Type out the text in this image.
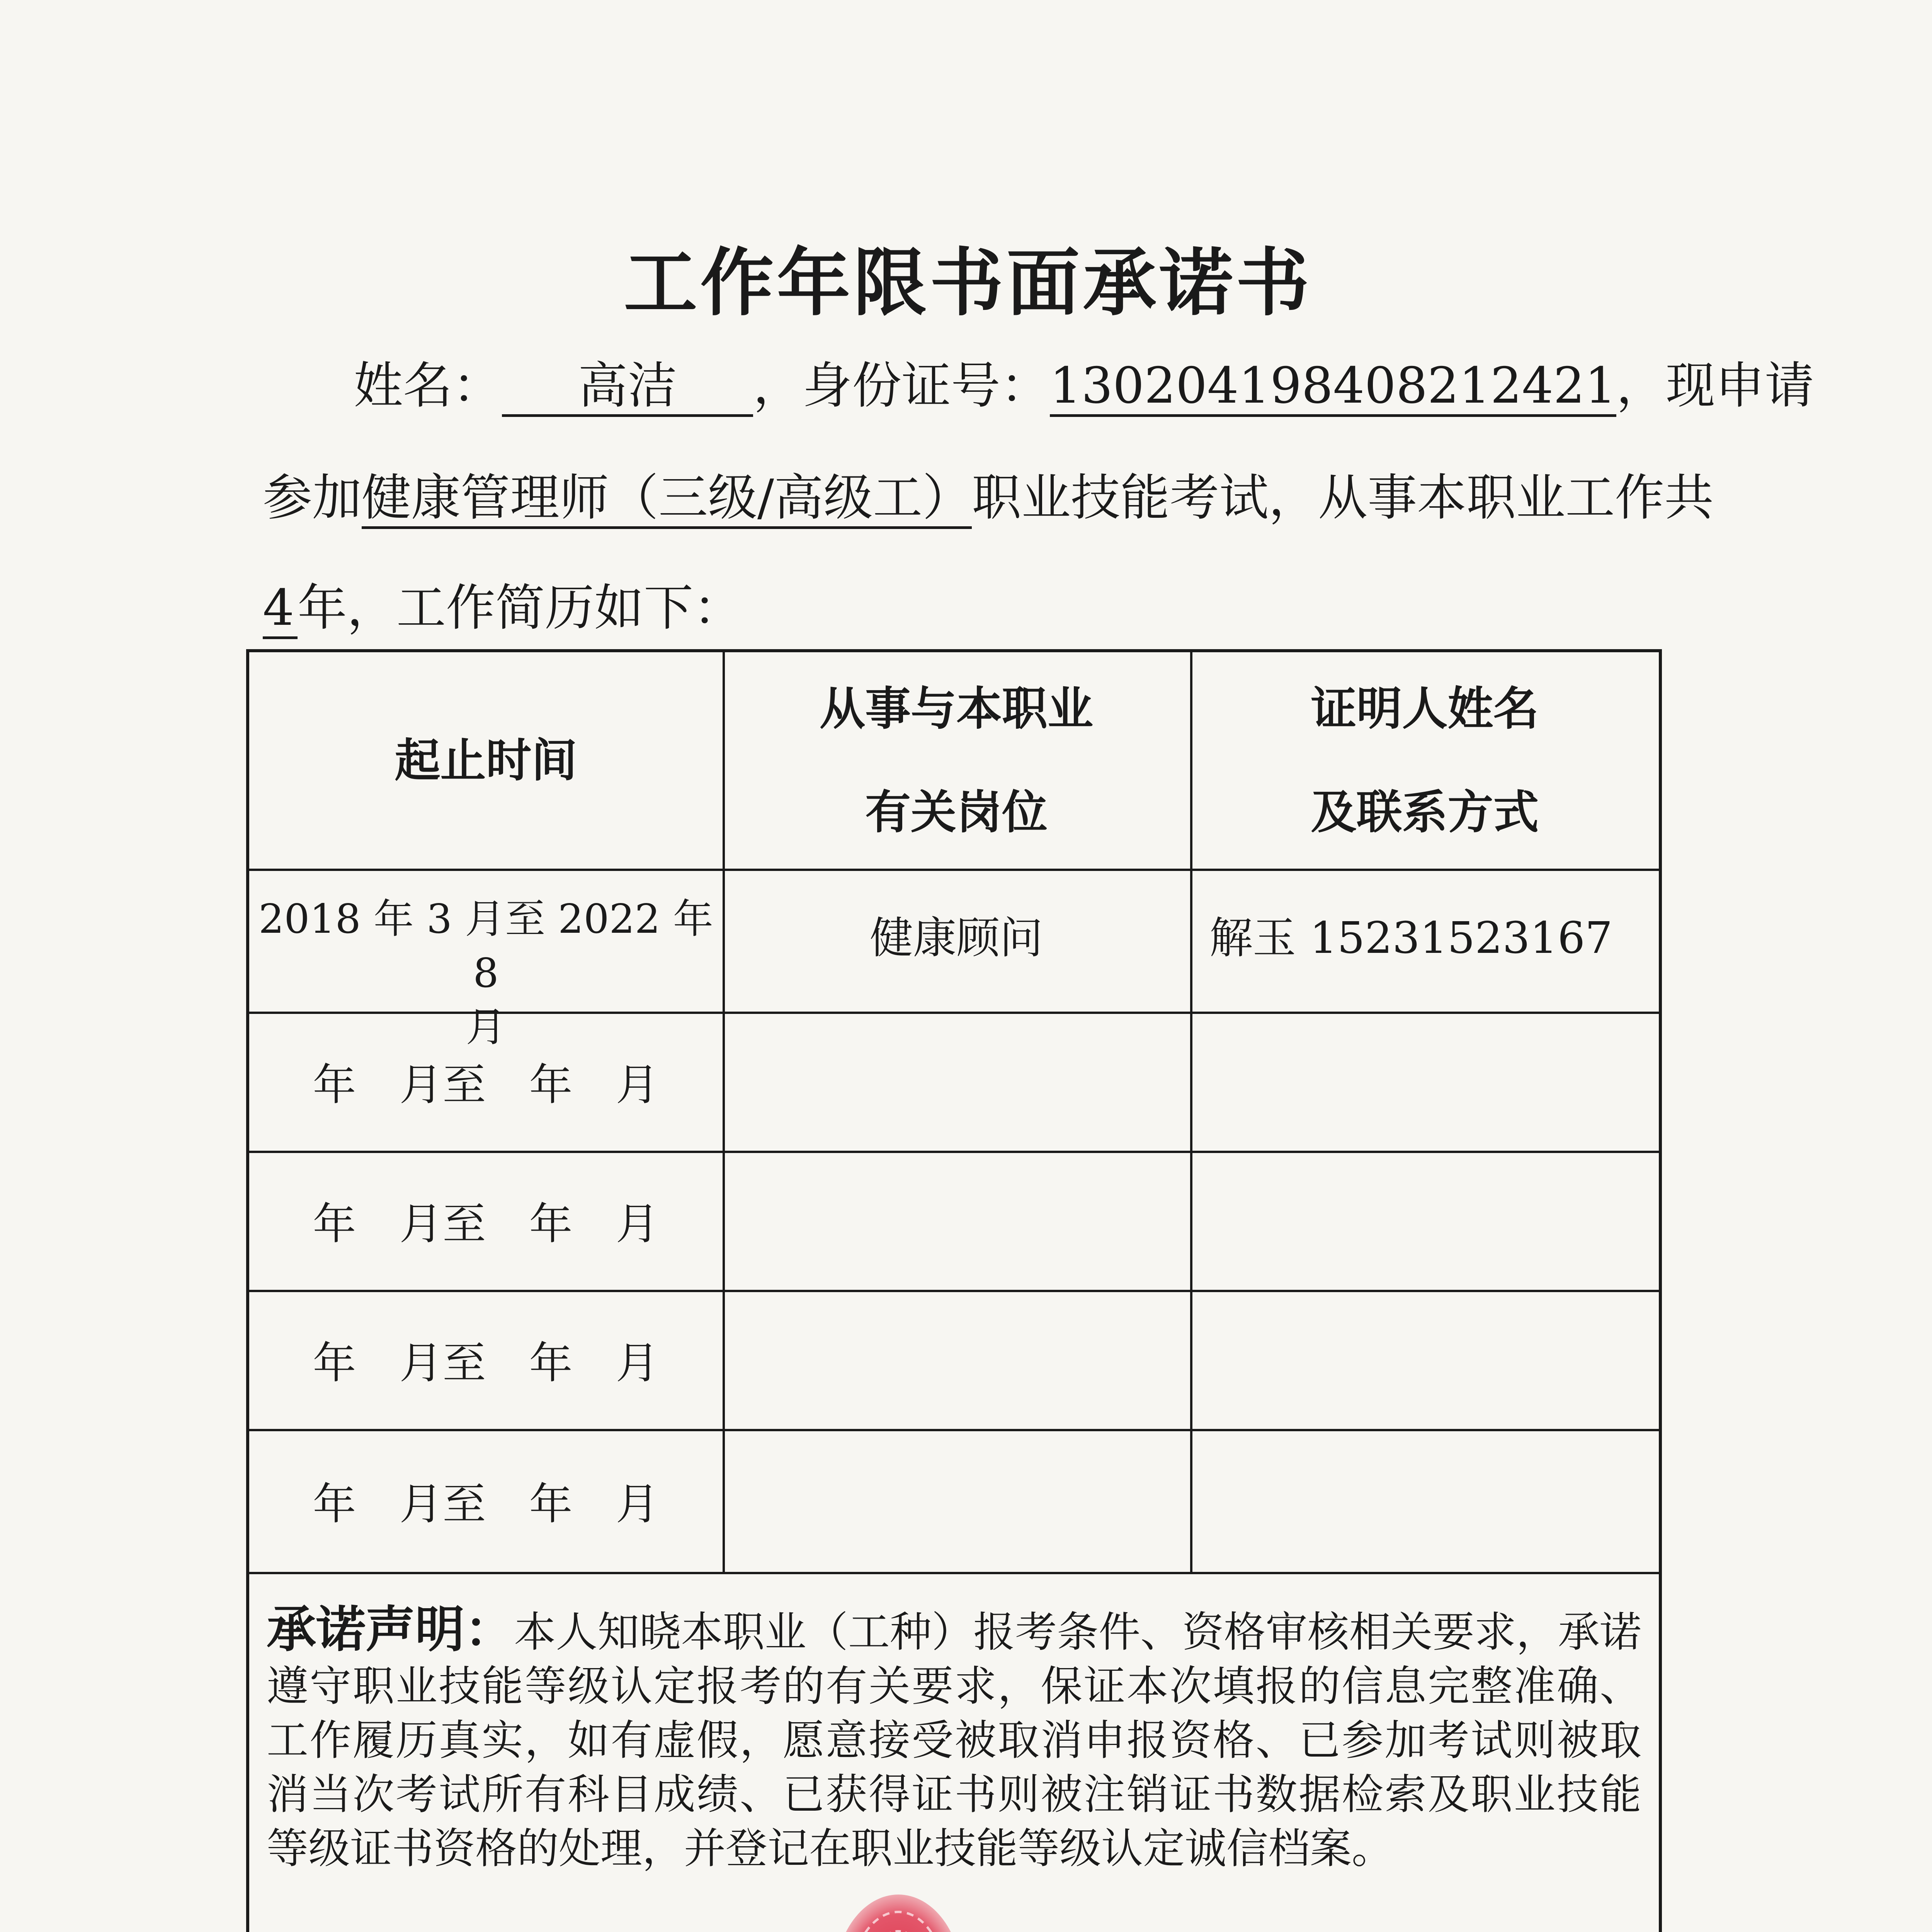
工作年限书面承诺书
姓名： 高洁 ，身份证号：130204198408212421，现申请
参加健康管理师（三级/高级工）职业技能考试，从事本职业工作共
4年，工作简历如下：
起止时间
从事与本职业
有关岗位
证明人姓名
及联系方式
2018 年 3 月至 2022 年 8
月
健康顾问	解玉 15231523167
年　月至　年　月
年　月至　年　月
年　月至　年　月
年　月至　年　月
承诺声明：本人知晓本职业（工种）报考条件、资格审核相关要求，承诺遵守职业技能等级认定报考的有关要求，保证本次填报的信息完整准确、工作履历真实，如有虚假，愿意接受被取消申报资格、已参加考试则被取消当次考试所有科目成绩、已获得证书则被注销证书数据检索及职业技能等级证书资格的处理，并登记在职业技能等级认定诚信档案。
